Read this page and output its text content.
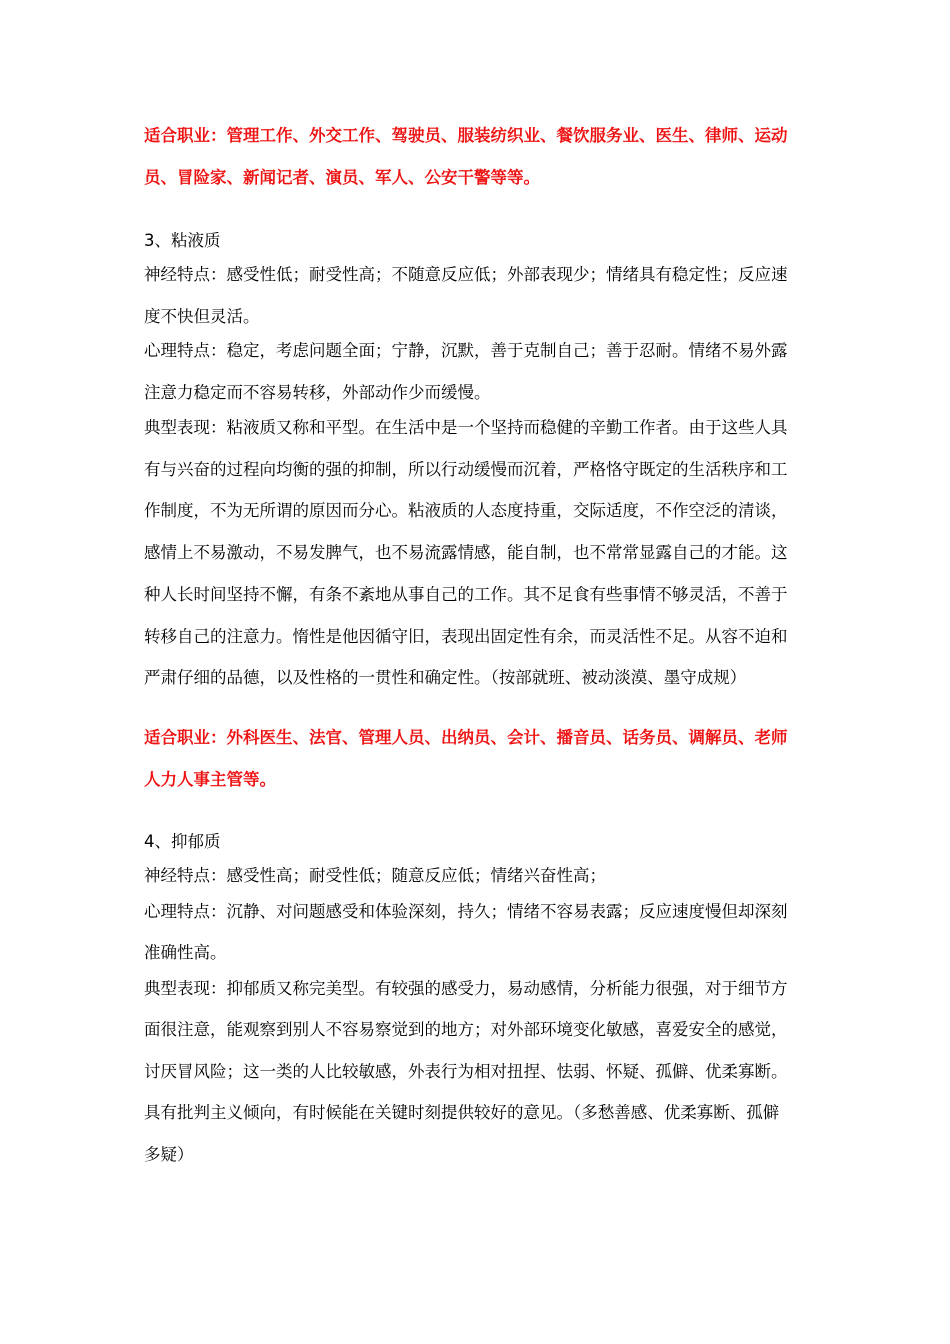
适合职业：管理工作、外交工作、驾驶员、服装纺织业、餐饮服务业、医生、律师、运动
员、冒险家、新闻记者、演员、军人、公安干警等等。
3、粘液质
神经特点：感受性低；耐受性高；不随意反应低；外部表现少；情绪具有稳定性；反应速
度不快但灵活。
心理特点：稳定，考虑问题全面；宁静，沉默，善于克制自己；善于忍耐。情绪不易外露
注意力稳定而不容易转移，外部动作少而缓慢。
典型表现：粘液质又称和平型。在生活中是一个坚持而稳健的辛勤工作者。由于这些人具
有与兴奋的过程向均衡的强的抑制，所以行动缓慢而沉着，严格恪守既定的生活秩序和工
作制度，不为无所谓的原因而分心。粘液质的人态度持重，交际适度，不作空泛的清谈，
感情上不易激动，不易发脾气，也不易流露情感，能自制，也不常常显露自己的才能。这
种人长时间坚持不懈，有条不紊地从事自己的工作。其不足食有些事情不够灵活，不善于
转移自己的注意力。惰性是他因循守旧，表现出固定性有余，而灵活性不足。从容不迫和
严肃仔细的品德，以及性格的一贯性和确定性。（按部就班、被动淡漠、墨守成规）
适合职业：外科医生、法官、管理人员、出纳员、会计、播音员、话务员、调解员、老师
人力人事主管等。
4、抑郁质
神经特点：感受性高；耐受性低；随意反应低；情绪兴奋性高；
心理特点：沉静、对问题感受和体验深刻，持久；情绪不容易表露；反应速度慢但却深刻
准确性高。
典型表现：抑郁质又称完美型。有较强的感受力，易动感情，分析能力很强，对于细节方
面很注意，能观察到别人不容易察觉到的地方；对外部环境变化敏感，喜爱安全的感觉，
讨厌冒风险；这一类的人比较敏感，外表行为相对扭捏、怯弱、怀疑、孤僻、优柔寡断。
具有批判主义倾向，有时候能在关键时刻提供较好的意见。（多愁善感、优柔寡断、孤僻
多疑）
